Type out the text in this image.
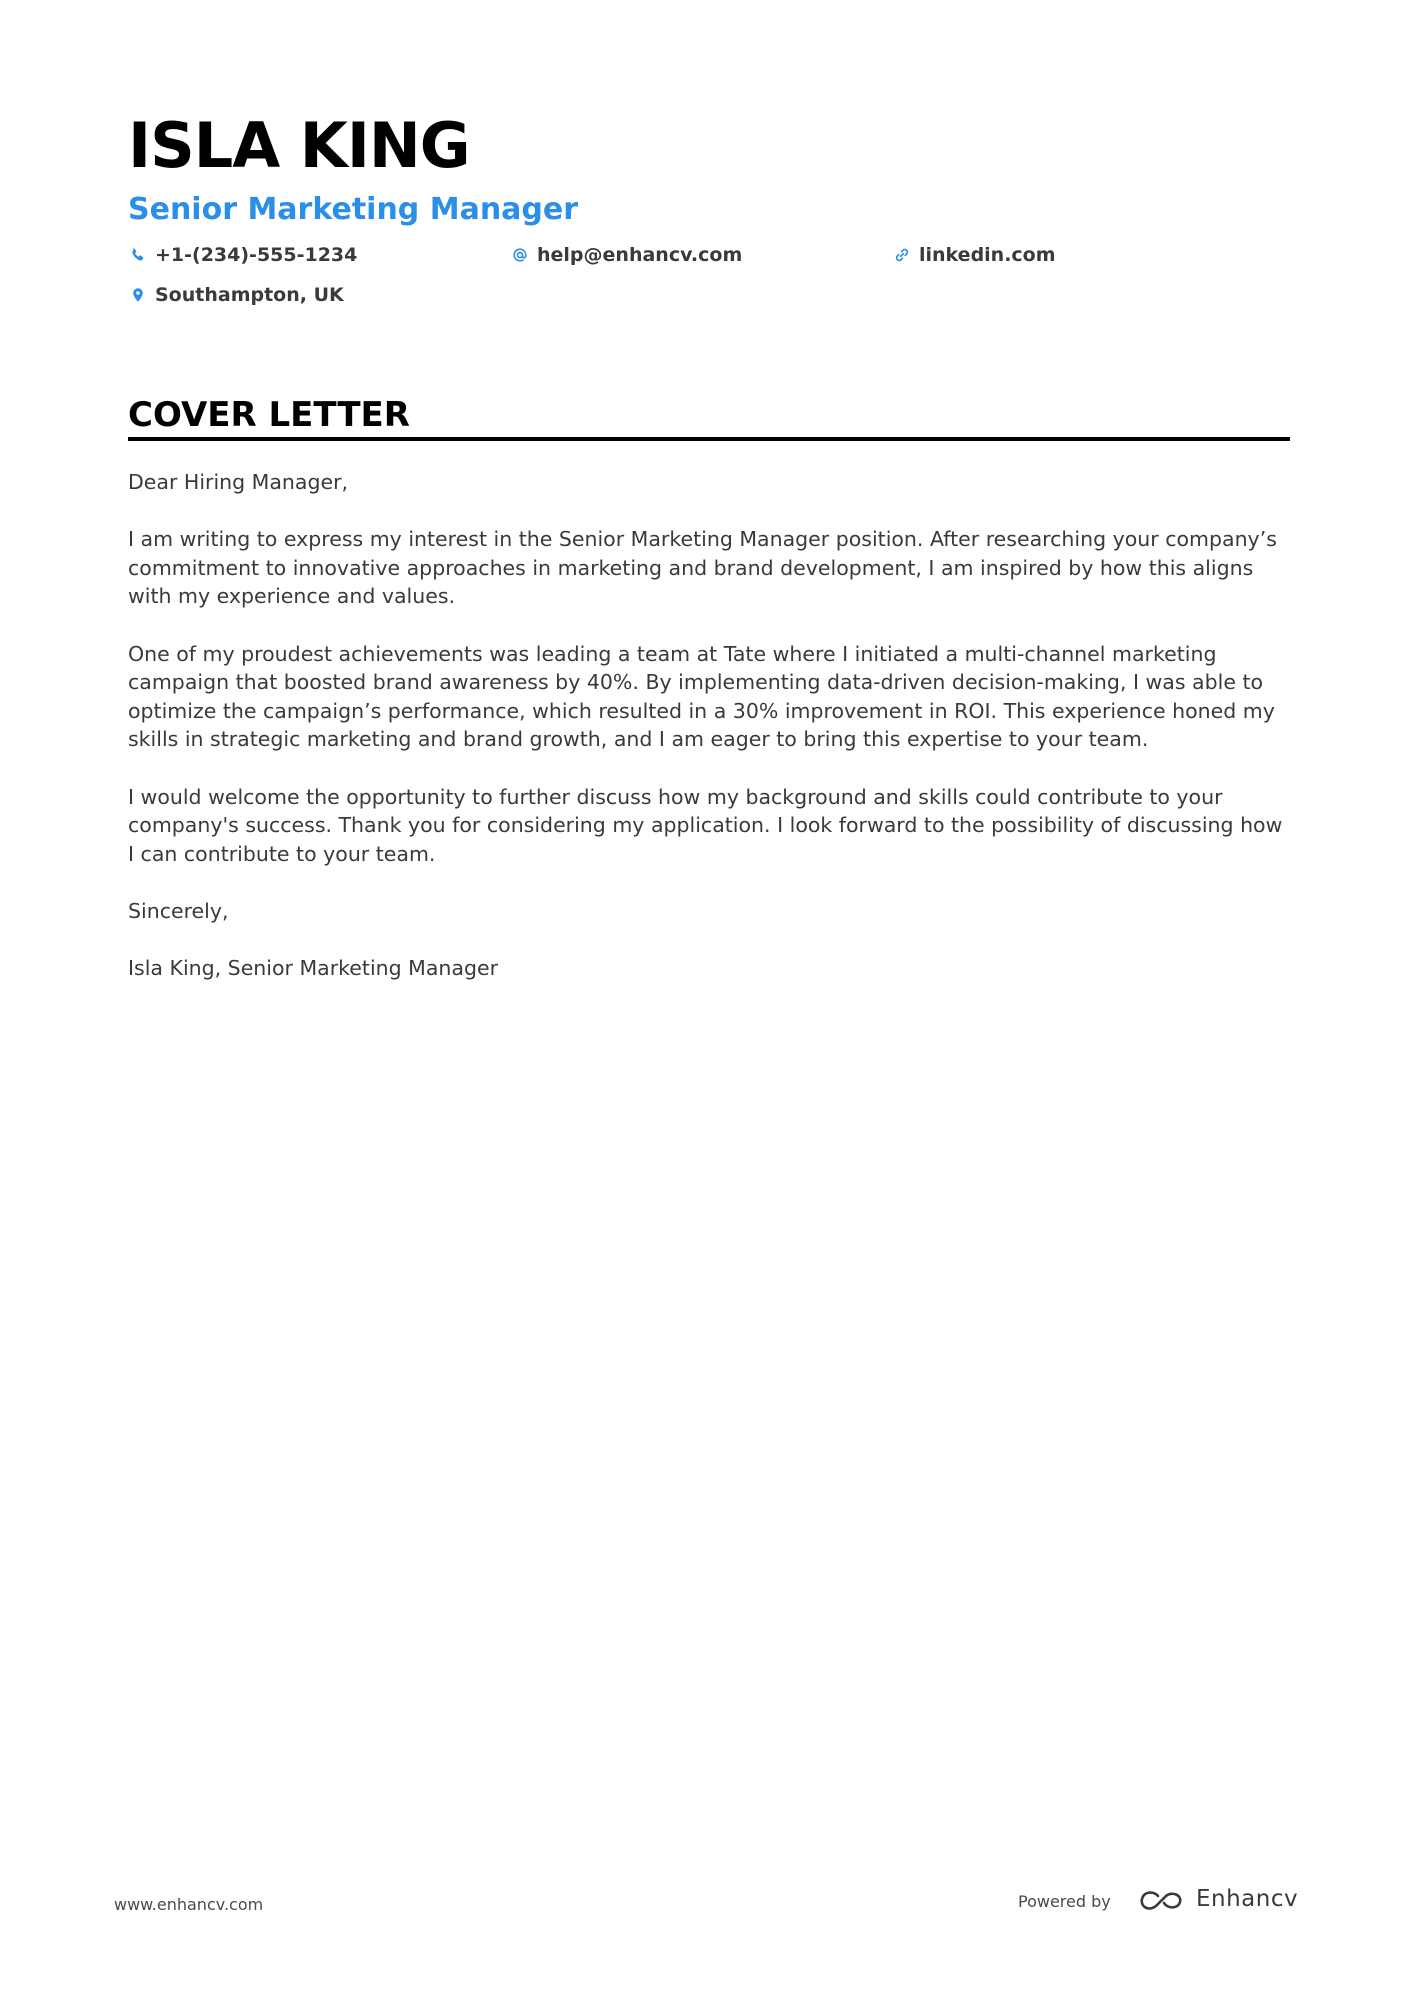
ISLA KING
Senior Marketing Manager
+1-(234)-555-1234	help@enhancv.com	linkedin.com
Southampton, UK
COVER LETTER

Dear Hiring Manager,

I am writing to express my interest in the Senior Marketing Manager position. After researching your company’s commitment to innovative approaches in marketing and brand development, I am inspired by how this aligns with my experience and values.

One of my proudest achievements was leading a team at Tate where I initiated a multi-channel marketing campaign that boosted brand awareness by 40%. By implementing data-driven decision-making, I was able to optimize the campaign’s performance, which resulted in a 30% improvement in ROI. This experience honed my skills in strategic marketing and brand growth, and I am eager to bring this expertise to your team.

I would welcome the opportunity to further discuss how my background and skills could contribute to your company's success. Thank you for considering my application. I look forward to the possibility of discussing how I can contribute to your team.

Sincerely,

Isla King, Senior Marketing Manager

www.enhancv.com	Powered by	Enhancv
